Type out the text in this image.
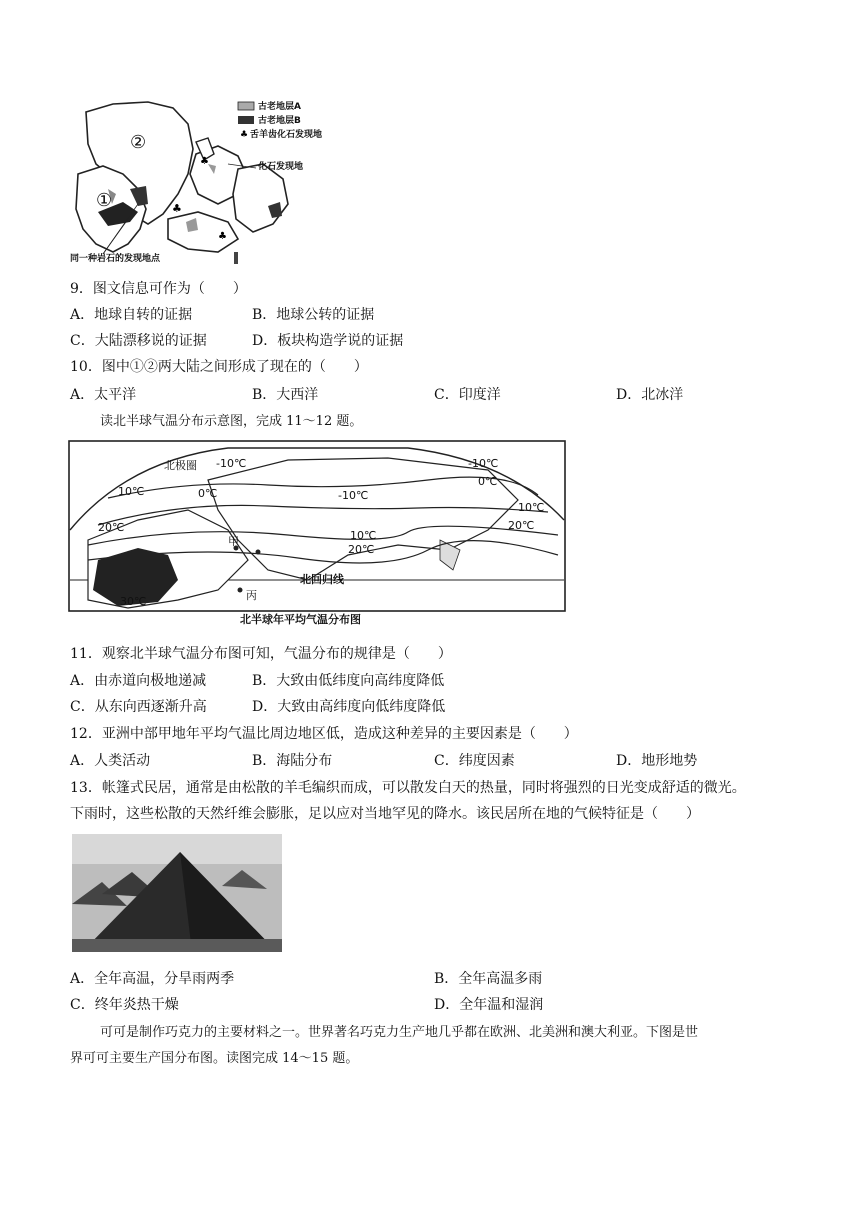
♣
♣
♣
♣
古老地层A
古老地层B
舌羊齿化石发现地
化石发现地
②
①
同一种岩石的发现地点
9．图文信息可作为（　　）
A．地球自转的证据	B．地球公转的证据
C．大陆漂移说的证据	D．板块构造学说的证据
10．图中①②两大陆之间形成了现在的（　　）
A．太平洋	B．大西洋	C．印度洋	D．北冰洋
读北半球气温分布示意图，完成 11～12 题。
北极圈 -10℃	-10℃
0℃
0℃
10℃	-10℃
10℃
10℃
20℃
20℃
20℃
甲
丙
北回归线
30℃
北半球年平均气温分布图
11．观察北半球气温分布图可知，气温分布的规律是（　　）
A．由赤道向极地递减	B．大致由低纬度向高纬度降低
C．从东向西逐渐升高	D．大致由高纬度向低纬度降低
12．亚洲中部甲地年平均气温比周边地区低，造成这种差异的主要因素是（　　）
A．人类活动	B．海陆分布	C．纬度因素	D．地形地势
13．帐篷式民居，通常是由松散的羊毛编织而成，可以散发白天的热量，同时将强烈的日光变成舒适的微光。
下雨时，这些松散的天然纤维会膨胀，足以应对当地罕见的降水。该民居所在地的气候特征是（　　）
A．全年高温，分旱雨两季	B．全年高温多雨
C．终年炎热干燥	D．全年温和湿润
可可是制作巧克力的主要材料之一。世界著名巧克力生产地几乎都在欧洲、北美洲和澳大利亚。下图是世
界可可主要生产国分布图。读图完成 14～15 题。
